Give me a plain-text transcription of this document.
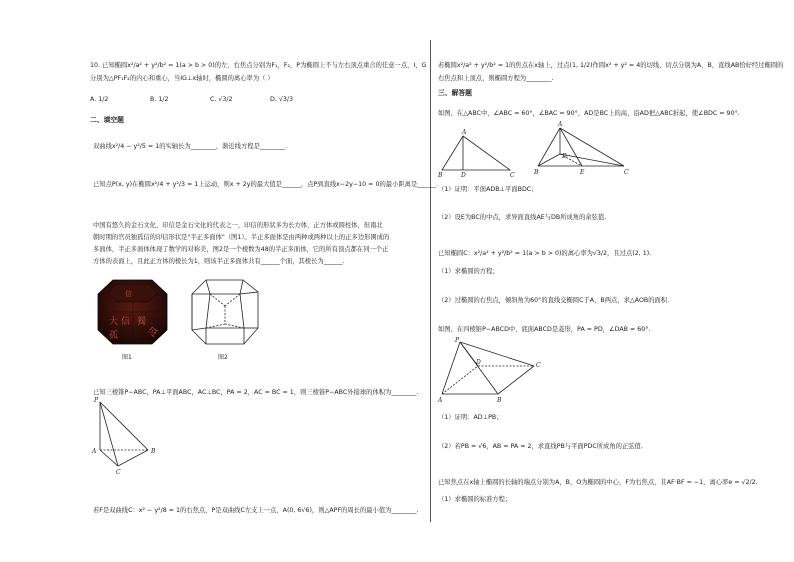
10. 已知椭圆x²/a² + y²/b² = 1(a > b > 0)的左、右焦点分别为F₁，F₂，P为椭圆上不与左右顶点重合的任意一点，I，G
分别为△PF₁F₂的内心和重心，当IG⊥x轴时，椭圆的离心率为（ ）
A. 1/2	B. 1/2	C. √3/2	D. √3/3
二、填空题
双曲线x²/4 − y²/5 = 1的实轴长为________，渐近线方程是________.
已知点P(x, y)在椭圆x²/4 + y²/3 = 1上运动，则x + 2y的最大值是______，点P到直线x−2y−10 = 0的最小距离是______.
中国有悠久的金石文化，印信是金石文化的代表之一，印信的形状多为长方体、正方体或圆柱体，但南北
朝时期的官员独孤信的印信形状是"半正多面体"（图1）。半正多面体是由两种或两种以上的正多边形围成的
多面体，半正多面体体现了数学的对称美，图2是一个棱数为48的半正多面体，它的所有顶点都在同一个正
方体的表面上，且此正方体的棱长为1，则该半正多面体共有______个面，其棱长为______.
大 信 獨
孤	令
信
图1	图2
已知三棱锥P−ABC，PA⊥平面ABC，AC⊥BC，PA = 2，AC = BC = 1，则三棱锥P−ABC外接球的体积为________.
P
A	B
C
若F是双曲线C：x² − y²/8 = 1的右焦点，P是双曲线C左支上一点，A(0, 6√6)，则△APF的周长的最小值为________.
若椭圆x²/a² + y²/b² = 1的焦点在x轴上，过点(1, 1/2)作圆x² + y² = 4的切线，切点分别为A，B，直线AB恰好经过椭圆的
右焦点和上顶点，则椭圆方程为________.
三、解答题
如图，在△ABC中，∠ABC = 60°，∠BAC = 90°，AD是BC上的高，沿AD把△ABC折起，使∠BDC = 90°.
A
B	D	C
A
B
D
E	C
（1）证明：平面ADB⊥平面BDC；
（2）设E为BC的中点，求异面直线AE与DB所成角的余弦值.
已知椭圆C：x²/a² + y²/b² = 1(a > b > 0)的离心率为√3/2，且过点(2, 1).
（1）求椭圆的方程；
（2）过椭圆的右焦点，倾斜角为60°的直线交椭圆C于A，B两点，求△AOB的面积.
如图，在四棱锥P−ABCD中，底面ABCD是菱形，PA = PD，∠DAB = 60°.
P
D	C
A	B
（1）证明：AD⊥PB；
（2）若PB = √6，AB = PA = 2，求直线PB与平面PDC所成角的正弦值.
已知焦点在x轴上椭圆的长轴的端点分别为A，B，O为椭圆的中心，F为右焦点，且AF·BF = −1，离心率e = √2/2.
（1）求椭圆的标准方程；
